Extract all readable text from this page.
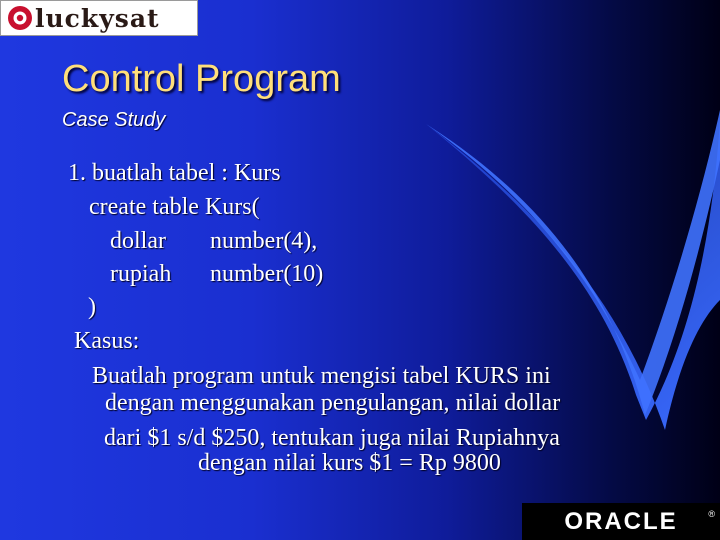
luckysat
Control Program
Case Study
1. buatlah tabel : Kurs
create table Kurs(
dollar number(4),
rupiah number(10)
)
Kasus:
Buatlah program untuk mengisi tabel KURS ini
dengan menggunakan pengulangan, nilai dollar
dari $1 s/d $250, tentukan juga nilai Rupiahnya
dengan nilai kurs $1 = Rp 9800
ORACLE	®
